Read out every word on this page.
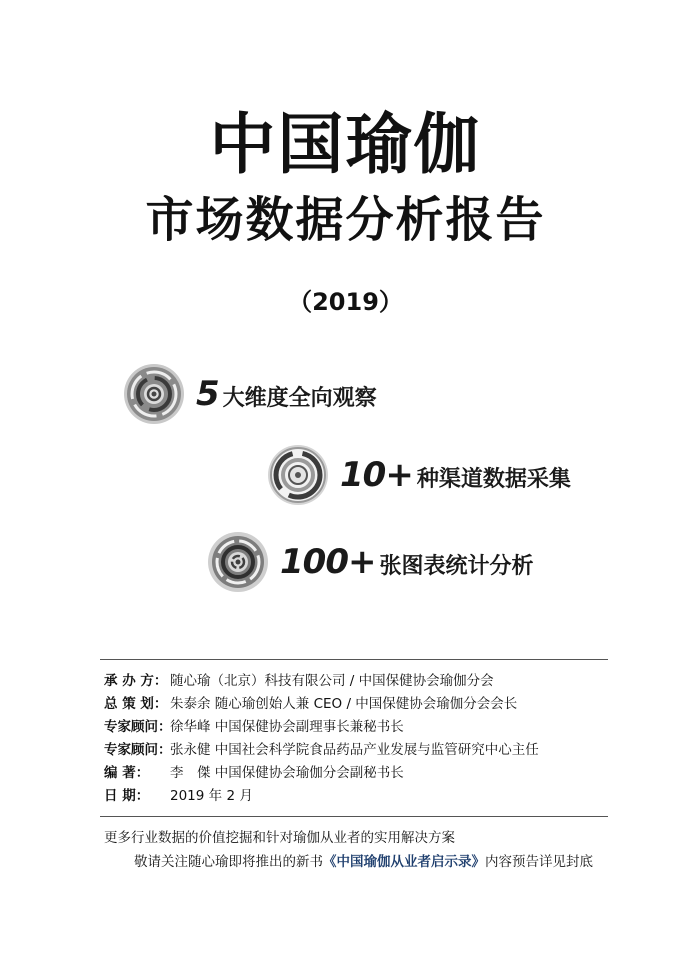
中国瑜伽
市场数据分析报告
（2019）
5 大维度全向观察
10+ 种渠道数据采集
100+ 张图表统计分析
承 办 方： 随心瑜（北京）科技有限公司 / 中国保健协会瑜伽分会
总 策 划： 朱泰余 随心瑜创始人兼 CEO / 中国保健协会瑜伽分会会长
专家顾问：
徐华峰 中国保健协会副理事长兼秘书长
专家顾问：
张永健 中国社会科学院食品药品产业发展与监管研究中心主任
编 著：	李　傑 中国保健协会瑜伽分会副秘书长
日 期：	2019 年 2 月

更多行业数据的价值挖掘和针对瑜伽从业者的实用解决方案

敬请关注随心瑜即将推出的新书《中国瑜伽从业者启示录》内容预告详见封底
